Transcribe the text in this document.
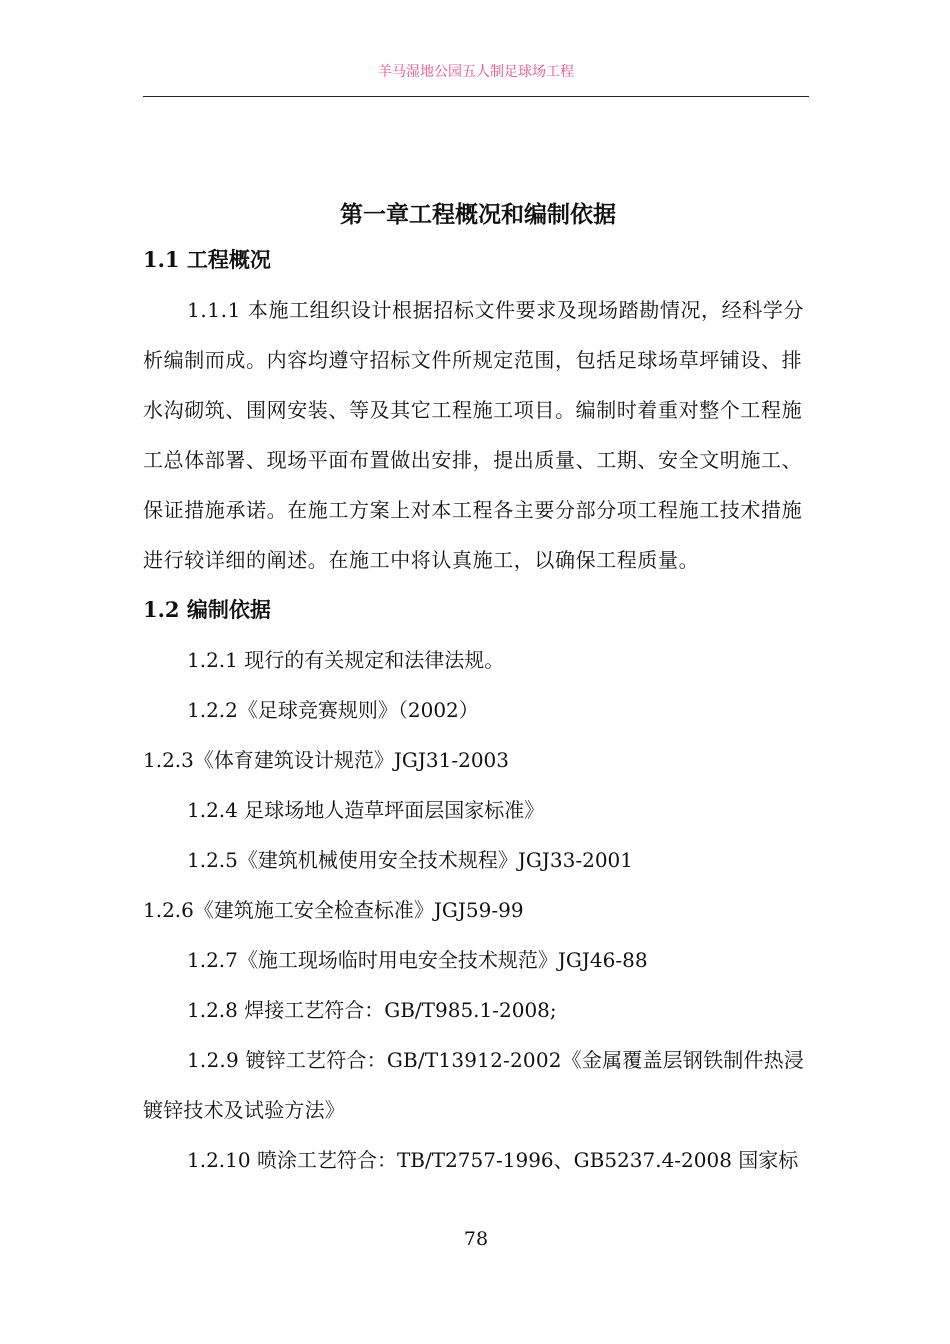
羊马湿地公园五人制足球场工程
第一章工程概况和编制依据
1.1 工程概况

1.1.1 本施工组织设计根据招标文件要求及现场踏勘情况，经科学分析编制而成。内容均遵守招标文件所规定范围，包括足球场草坪铺设、排水沟砌筑、围网安装、等及其它工程施工项目。编制时着重对整个工程施工总体部署、现场平面布置做出安排，提出质量、工期、安全文明施工、保证措施承诺。在施工方案上对本工程各主要分部分项工程施工技术措施进行较详细的阐述。在施工中将认真施工，以确保工程质量。

1.2 编制依据

1.2.1 现行的有关规定和法律法规。

1.2.2《足球竞赛规则》（2002）

1.2.3《体育建筑设计规范》JGJ31-2003

1.2.4 足球场地人造草坪面层国家标准》

1.2.5《建筑机械使用安全技术规程》JGJ33-2001

1.2.6《建筑施工安全检查标准》JGJ59-99

1.2.7《施工现场临时用电安全技术规范》JGJ46-88

1.2.8 焊接工艺符合：GB/T985.1-2008;

1.2.9 镀锌工艺符合：GB/T13912-2002《金属覆盖层钢铁制件热浸镀锌技术及试验方法》

1.2.10 喷涂工艺符合：TB/T2757-1996、GB5237.4-2008 国家标

78
